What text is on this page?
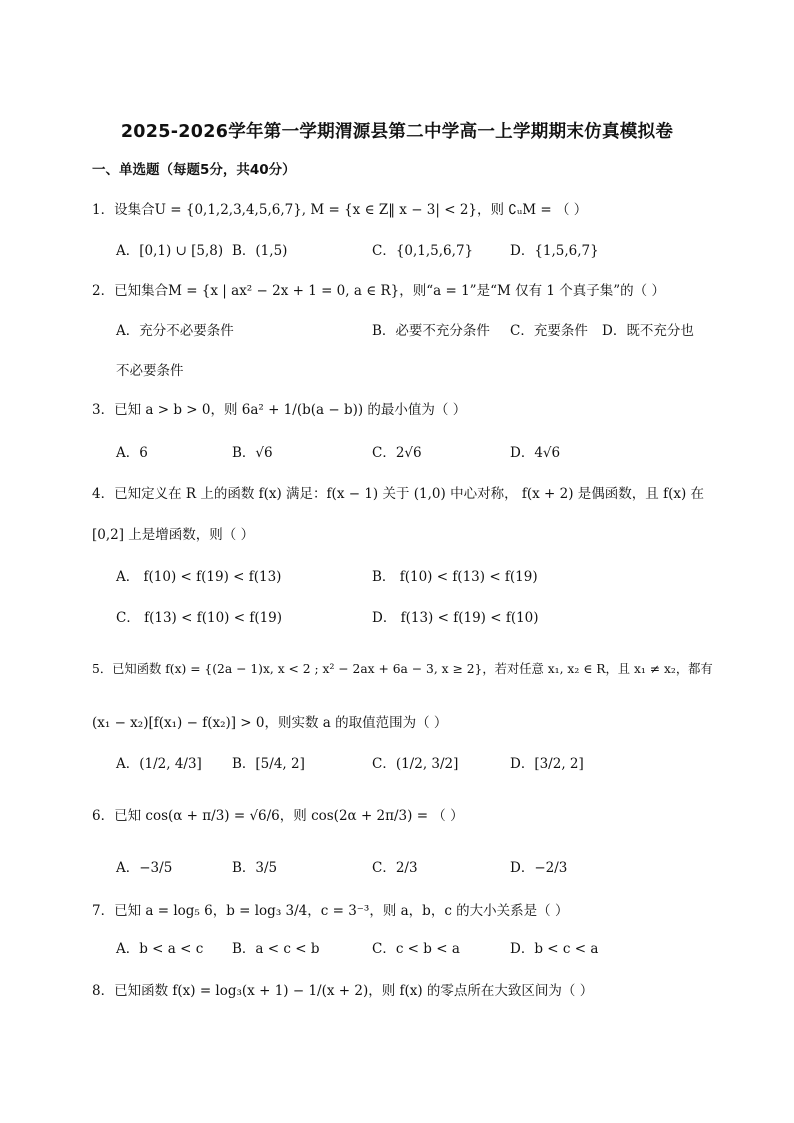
2025-2026学年第一学期渭源县第二中学高一上学期期末仿真模拟卷
一、单选题（每题5分，共40分）
1．设集合U = {0,1,2,3,4,5,6,7}, M = {x ∈ Z‖ x − 3| < 2}，则 ∁ᵤM = （ ）
A．[0,1) ∪ [5,8) B．(1,5)	C．{0,1,5,6,7}	D．{1,5,6,7}
2．已知集合M = {x | ax² − 2x + 1 = 0, a ∈ R}，则“a = 1”是“M 仅有 1 个真子集”的（ ）
A．充分不必要条件	B．必要不充分条件 C．充要条件 D．既不充分也
不必要条件
3．已知 a > b > 0，则 6a² + 1/(b(a − b)) 的最小值为（ ）
A．6	B．√6	C．2√6	D．4√6
4．已知定义在 R 上的函数 f(x) 满足：f(x − 1) 关于 (1,0) 中心对称， f(x + 2) 是偶函数，且 f(x) 在
[0,2] 上是增函数，则（ ）
A． f(10) < f(19) < f(13)	B． f(10) < f(13) < f(19)
C． f(13) < f(10) < f(19)	D． f(13) < f(19) < f(10)
5．已知函数 f(x) = {(2a − 1)x, x < 2 ; x² − 2ax + 6a − 3, x ≥ 2}，若对任意 x₁, x₂ ∈ R，且 x₁ ≠ x₂，都有
(x₁ − x₂)[f(x₁) − f(x₂)] > 0，则实数 a 的取值范围为（ ）
A．(1/2, 4/3] B．[5/4, 2]	C．(1/2, 3/2]	D．[3/2, 2]
6．已知 cos(α + π/3) = √6/6，则 cos(2α + 2π/3) = （ ）
A．−3/5	B．3/5	C．2/3	D．−2/3
7．已知 a = log₅ 6，b = log₃ 3/4，c = 3⁻³，则 a，b，c 的大小关系是（ ）
A．b < a < c B．a < c < b	C．c < b < a	D．b < c < a
8．已知函数 f(x) = log₃(x + 1) − 1/(x + 2)，则 f(x) 的零点所在大致区间为（ ）
